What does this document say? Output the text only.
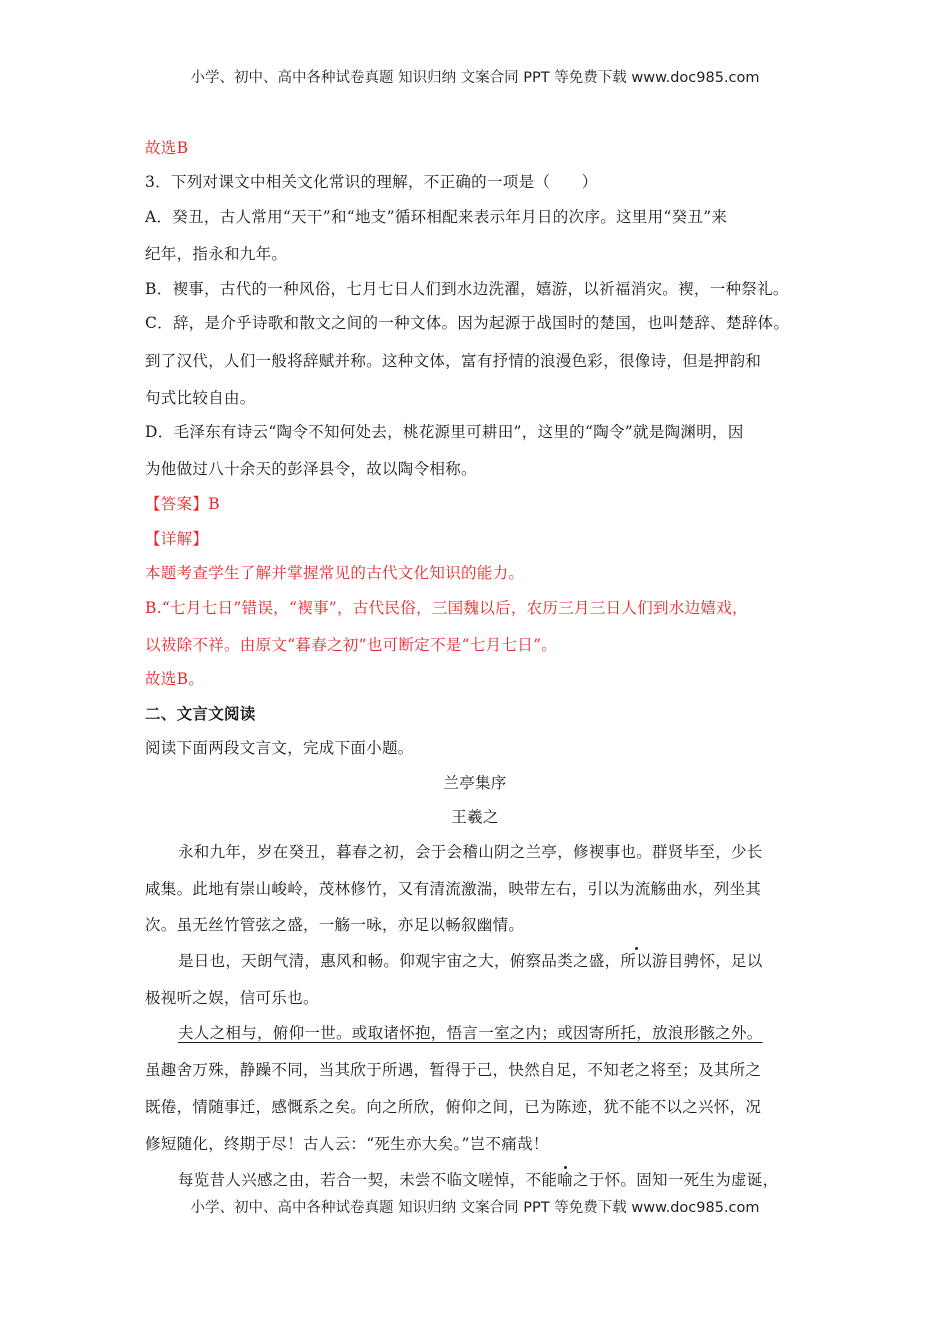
小学、初中、高中各种试卷真题 知识归纳 文案合同 PPT 等免费下载 www.doc985.com
故选B
3．下列对课文中相关文化常识的理解，不正确的一项是（　　）
A．癸丑，古人常用“天干”和“地支”循环相配来表示年月日的次序。这里用“癸丑”来
纪年，指永和九年。
B．褉事，古代的一种风俗，七月七日人们到水边洗濯，嬉游，以祈福消灾。褉，一种祭礼。
C．辞，是介乎诗歌和散文之间的一种文体。因为起源于战国时的楚国，也叫楚辞、楚辞体。
到了汉代，人们一般将辞赋并称。这种文体，富有抒情的浪漫色彩，很像诗，但是押韵和
句式比较自由。
D．毛泽东有诗云“陶令不知何处去，桃花源里可耕田”，这里的“陶令”就是陶渊明，因
为他做过八十余天的彭泽县令，故以陶令相称。
【答案】B
【详解】
本题考查学生了解并掌握常见的古代文化知识的能力。
B.“七月七日”错误，“褉事”，古代民俗，三国魏以后，农历三月三日人们到水边嬉戏，
以祓除不祥。由原文“暮春之初”也可断定不是“七月七日”。
故选B。
二、文言文阅读
阅读下面两段文言文，完成下面小题。
兰亭集序
王羲之
永和九年，岁在癸丑，暮春之初，会于会稽山阴之兰亭，修褉事也。群贤毕至，少长
咸集。此地有崇山峻岭，茂林修竹，又有清流激湍，映带左右，引以为流觞曲水，列坐其
次。虽无丝竹管弦之盛，一觞一咏，亦足以畅叙幽情。
是日也，天朗气清，惠风和畅。仰观宇宙之大，俯察品类之盛，所以游目骋怀，足以
极视听之娱，信可乐也。
夫人之相与，俯仰一世。或取诸怀抱，悟言一室之内；或因寄所托，放浪形骸之外。
虽趣舍万殊，静躁不同，当其欣于所遇，暂得于己，快然自足，不知老之将至；及其所之
既倦，情随事迁，感慨系之矣。向之所欣，俯仰之间，已为陈迹，犹不能不以之兴怀，况
修短随化，终期于尽！古人云：“死生亦大矣。”岂不痛哉！
每览昔人兴感之由，若合一契，未尝不临文嗟悼，不能喻之于怀。固知一死生为虚诞，
小学、初中、高中各种试卷真题 知识归纳 文案合同 PPT 等免费下载 www.doc985.com
